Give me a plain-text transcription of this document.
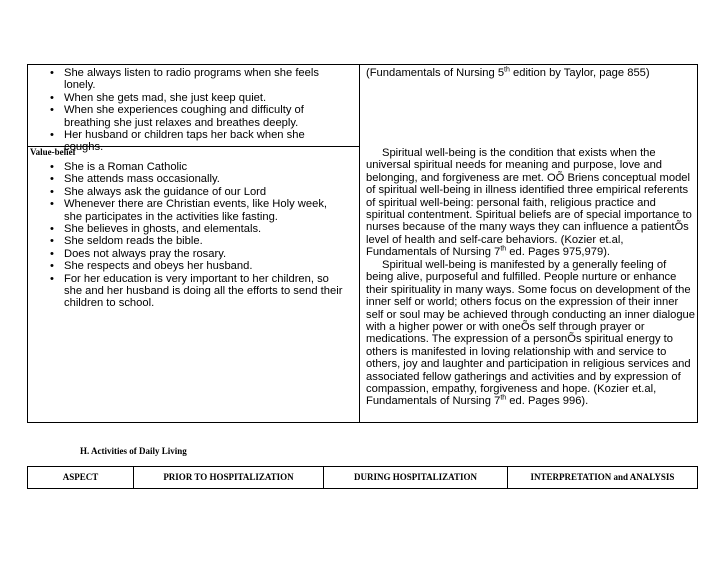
• She always listen to radio programs when she feels lonely.
• When she gets mad, she just keep quiet.
• When she experiences coughing and difficulty of breathing she just relaxes and breathes deeply.
• Her husband or children taps her back when she coughs.
Value-belief
• She is a Roman Catholic
• She attends mass occasionally.
• She always ask the guidance of our Lord
• Whenever there are Christian events, like Holy week, she participates in the activities like fasting.
• She believes in ghosts, and elementals.
• She seldom reads the bible.
• Does not always pray the rosary.
• She respects and obeys her husband.
• For her education is very important to her children, so she and her husband is doing all the efforts to send their children to school.
(Fundamentals of Nursing 5th edition by Taylor, page 855)
Spiritual well-being is the condition that exists when the universal spiritual needs for meaning and purpose, love and belonging, and forgiveness are met. OÕ Briens conceptual model of spiritual well-being in illness identified three empirical referents of spiritual well-being: personal faith, religious practice and spiritual contentment. Spiritual beliefs are of special importance to nurses because of the many ways they can influence a patientÕs level of health and self-care behaviors. (Kozier et.al, Fundamentals of Nursing 7th ed. Pages 975,979).
Spiritual well-being is manifested by a generally feeling of being alive, purposeful and fulfilled. People nurture or enhance their spirituality in many ways. Some focus on development of the inner self or world; others focus on the expression of their inner self or soul may be achieved through conducting an inner dialogue with a higher power or with oneÕs self through prayer or medications. The expression of a personÕs spiritual energy to others is manifested in loving relationship with and service to others, joy and laughter and participation in religious services and associated fellow gatherings and activities and by expression of compassion, empathy, forgiveness and hope. (Kozier et.al, Fundamentals of Nursing 7th ed. Pages 996).
H. Activities of Daily Living
ASPECT	PRIOR TO HOSPITALIZATION	DURING HOSPITALIZATION	INTERPRETATION and ANALYSIS
